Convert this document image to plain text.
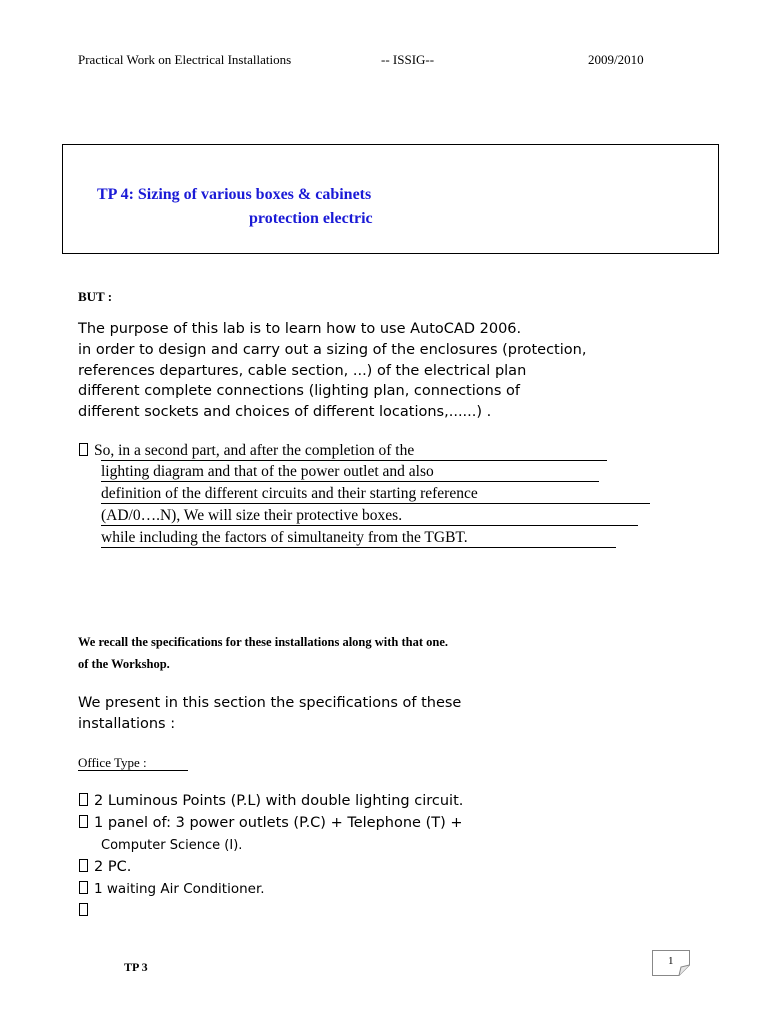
Practical Work on Electrical Installations	-- ISSIG--	2009/2010
TP 4: Sizing of various boxes & cabinets
protection electric
BUT :
The purpose of this lab is to learn how to use AutoCAD 2006.
in order to design and carry out a sizing of the enclosures (protection,
references departures, cable section, ...) of the electrical plan
different complete connections (lighting plan, connections of
different sockets and choices of different locations,......) .
So, in a second part, and after the completion of the
lighting diagram and that of the power outlet and also
definition of the different circuits and their starting reference
(AD/0….N), We will size their protective boxes.
while including the factors of simultaneity from the TGBT.
We recall the specifications for these installations along with that one.
of the Workshop.
We present in this section the specifications of these
installations :
Office Type :
2 Luminous Points (P.L) with double lighting circuit.
1 panel of: 3 power outlets (P.C) + Telephone (T) +
Computer Science (I).
2 PC.
1 waiting Air Conditioner.
TP 3	1
